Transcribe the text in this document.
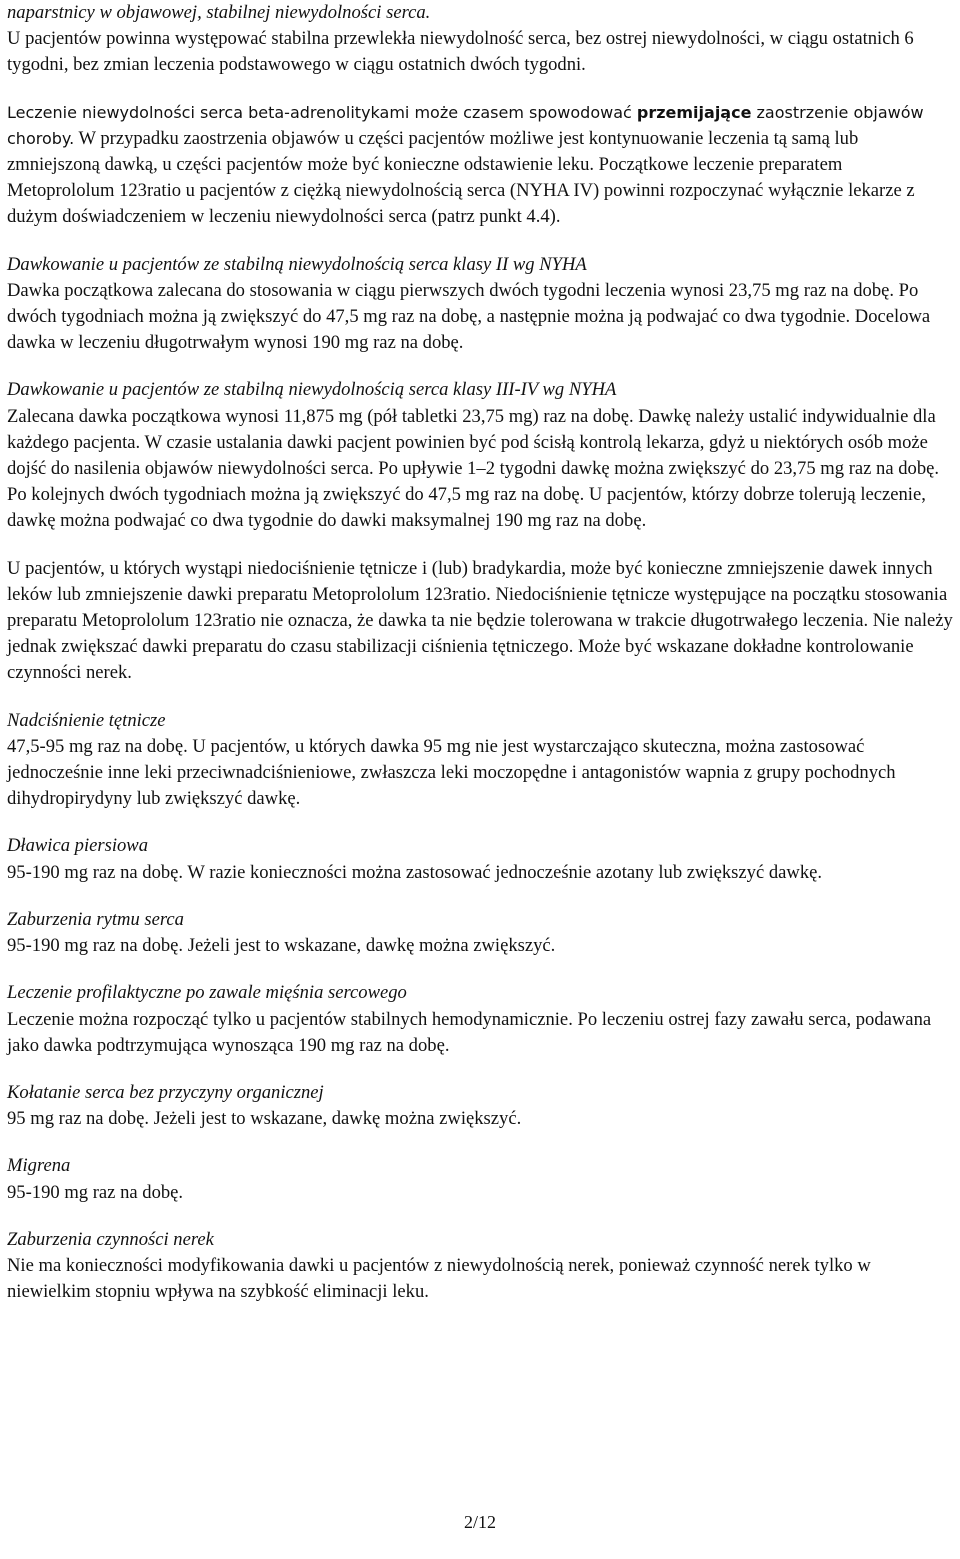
naparstnicy w objawowej, stabilnej niewydolności serca.

U pacjentów powinna występować stabilna przewlekła niewydolność serca, bez ostrej niewydolności, w ciągu ostatnich 6 tygodni, bez zmian leczenia podstawowego w ciągu ostatnich dwóch tygodni.

Leczenie niewydolności serca beta-adrenolitykami może czasem spowodować przemijające zaostrzenie objawów choroby. W przypadku zaostrzenia objawów u części pacjentów możliwe jest kontynuowanie leczenia tą samą lub zmniejszoną dawką, u części pacjentów może być konieczne odstawienie leku. Początkowe leczenie preparatem Metoprololum 123ratio u pacjentów z ciężką niewydolnością serca (NYHA IV) powinni rozpoczynać wyłącznie lekarze z dużym doświadczeniem w leczeniu niewydolności serca (patrz punkt 4.4).

Dawkowanie u pacjentów ze stabilną niewydolnością serca klasy II wg NYHA

Dawka początkowa zalecana do stosowania w ciągu pierwszych dwóch tygodni leczenia wynosi 23,75 mg raz na dobę. Po dwóch tygodniach można ją zwiększyć do 47,5 mg raz na dobę, a następnie można ją podwajać co dwa tygodnie. Docelowa dawka w leczeniu długotrwałym wynosi 190 mg raz na dobę.

Dawkowanie u pacjentów ze stabilną niewydolnością serca klasy III-IV wg NYHA

Zalecana dawka początkowa wynosi 11,875 mg (pół tabletki 23,75 mg) raz na dobę. Dawkę należy ustalić indywidualnie dla każdego pacjenta. W czasie ustalania dawki pacjent powinien być pod ścisłą kontrolą lekarza, gdyż u niektórych osób może dojść do nasilenia objawów niewydolności serca. Po upływie 1–2 tygodni dawkę można zwiększyć do 23,75 mg raz na dobę. Po kolejnych dwóch tygodniach można ją zwiększyć do 47,5 mg raz na dobę. U pacjentów, którzy dobrze tolerują leczenie, dawkę można podwajać co dwa tygodnie do dawki maksymalnej 190 mg raz na dobę.

U pacjentów, u których wystąpi niedociśnienie tętnicze i (lub) bradykardia, może być konieczne zmniejszenie dawek innych leków lub zmniejszenie dawki preparatu Metoprololum 123ratio. Niedociśnienie tętnicze występujące na początku stosowania preparatu Metoprololum 123ratio nie oznacza, że dawka ta nie będzie tolerowana w trakcie długotrwałego leczenia. Nie należy jednak zwiększać dawki preparatu do czasu stabilizacji ciśnienia tętniczego. Może być wskazane dokładne kontrolowanie czynności nerek.

Nadciśnienie tętnicze

47,5-95 mg raz na dobę. U pacjentów, u których dawka 95 mg nie jest wystarczająco skuteczna, można zastosować jednocześnie inne leki przeciwnadciśnieniowe, zwłaszcza leki moczopędne i antagonistów wapnia z grupy pochodnych dihydropirydyny lub zwiększyć dawkę.

Dławica piersiowa

95-190 mg raz na dobę. W razie konieczności można zastosować jednocześnie azotany lub zwiększyć dawkę.

Zaburzenia rytmu serca

95-190 mg raz na dobę. Jeżeli jest to wskazane, dawkę można zwiększyć.

Leczenie profilaktyczne po zawale mięśnia sercowego

Leczenie można rozpocząć tylko u pacjentów stabilnych hemodynamicznie. Po leczeniu ostrej fazy zawału serca, podawana jako dawka podtrzymująca wynosząca 190 mg raz na dobę.

Kołatanie serca bez przyczyny organicznej

95 mg raz na dobę. Jeżeli jest to wskazane, dawkę można zwiększyć.

Migrena

95-190 mg raz na dobę.

Zaburzenia czynności nerek

Nie ma konieczności modyfikowania dawki u pacjentów z niewydolnością nerek, ponieważ czynność nerek tylko w niewielkim stopniu wpływa na szybkość eliminacji leku.

2/12
